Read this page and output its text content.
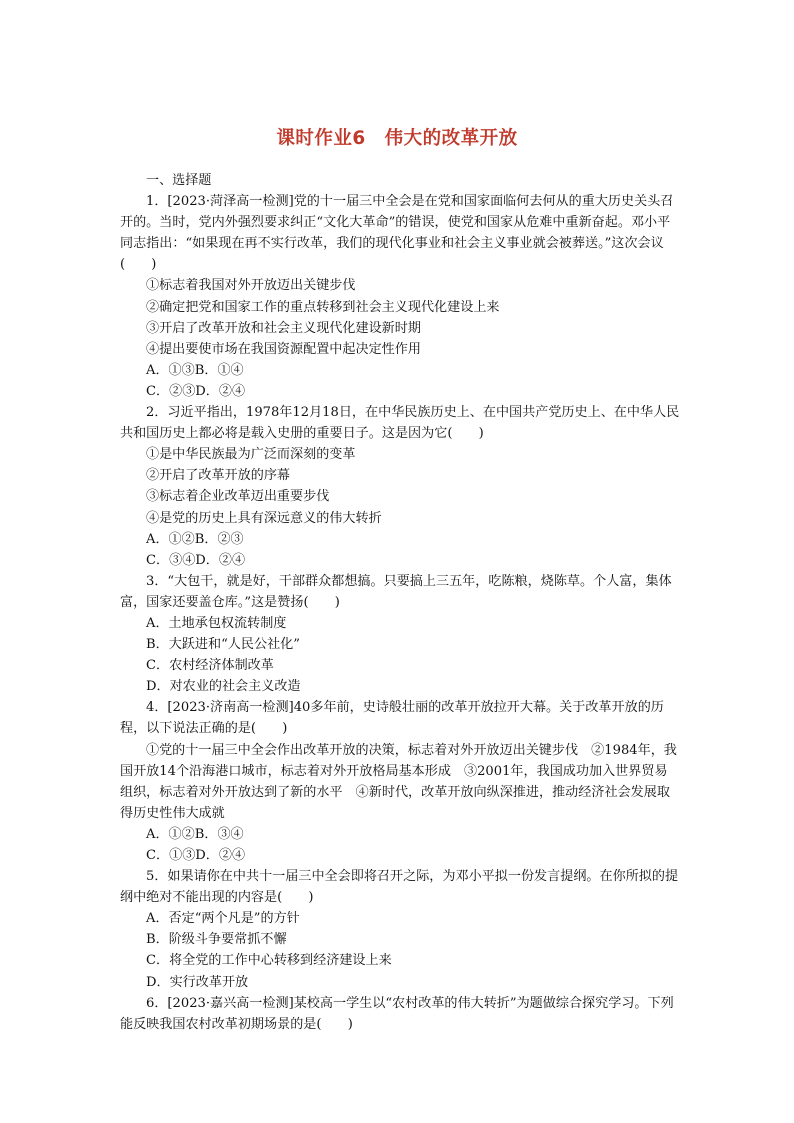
课时作业6　伟大的改革开放

一、选择题

1．[2023·菏泽高一检测]党的十一届三中全会是在党和国家面临何去何从的重大历史关头召开的。当时，党内外强烈要求纠正“文化大革命”的错误，使党和国家从危难中重新奋起。邓小平同志指出：“如果现在再不实行改革，我们的现代化事业和社会主义事业就会被葬送。”这次会议(　　)

①标志着我国对外开放迈出关键步伐

②确定把党和国家工作的重点转移到社会主义现代化建设上来

③开启了改革开放和社会主义现代化建设新时期

④提出要使市场在我国资源配置中起决定性作用

A．①③B．①④

C．②③D．②④

2．习近平指出，1978年12月18日，在中华民族历史上、在中国共产党历史上、在中华人民共和国历史上都必将是载入史册的重要日子。这是因为它(　　)

①是中华民族最为广泛而深刻的变革

②开启了改革开放的序幕

③标志着企业改革迈出重要步伐

④是党的历史上具有深远意义的伟大转折

A．①②B．②③

C．③④D．②④

3．“大包干，就是好，干部群众都想搞。只要搞上三五年，吃陈粮，烧陈草。个人富，集体富，国家还要盖仓库。”这是赞扬(　　)

A．土地承包权流转制度

B．大跃进和“人民公社化”

C．农村经济体制改革

D．对农业的社会主义改造

4．[2023·济南高一检测]40多年前，史诗般壮丽的改革开放拉开大幕。关于改革开放的历程，以下说法正确的是(　　)

①党的十一届三中全会作出改革开放的决策，标志着对外开放迈出关键步伐　②1984年，我国开放14个沿海港口城市，标志着对外开放格局基本形成　③2001年，我国成功加入世界贸易组织，标志着对外开放达到了新的水平　④新时代，改革开放向纵深推进，推动经济社会发展取得历史性伟大成就

A．①②B．③④

C．①③D．②④

5．如果请你在中共十一届三中全会即将召开之际，为邓小平拟一份发言提纲。在你所拟的提纲中绝对不能出现的内容是(　　)

A．否定“两个凡是”的方针

B．阶级斗争要常抓不懈

C．将全党的工作中心转移到经济建设上来

D．实行改革开放

6．[2023·嘉兴高一检测]某校高一学生以“农村改革的伟大转折”为题做综合探究学习。下列能反映我国农村改革初期场景的是(　　)
